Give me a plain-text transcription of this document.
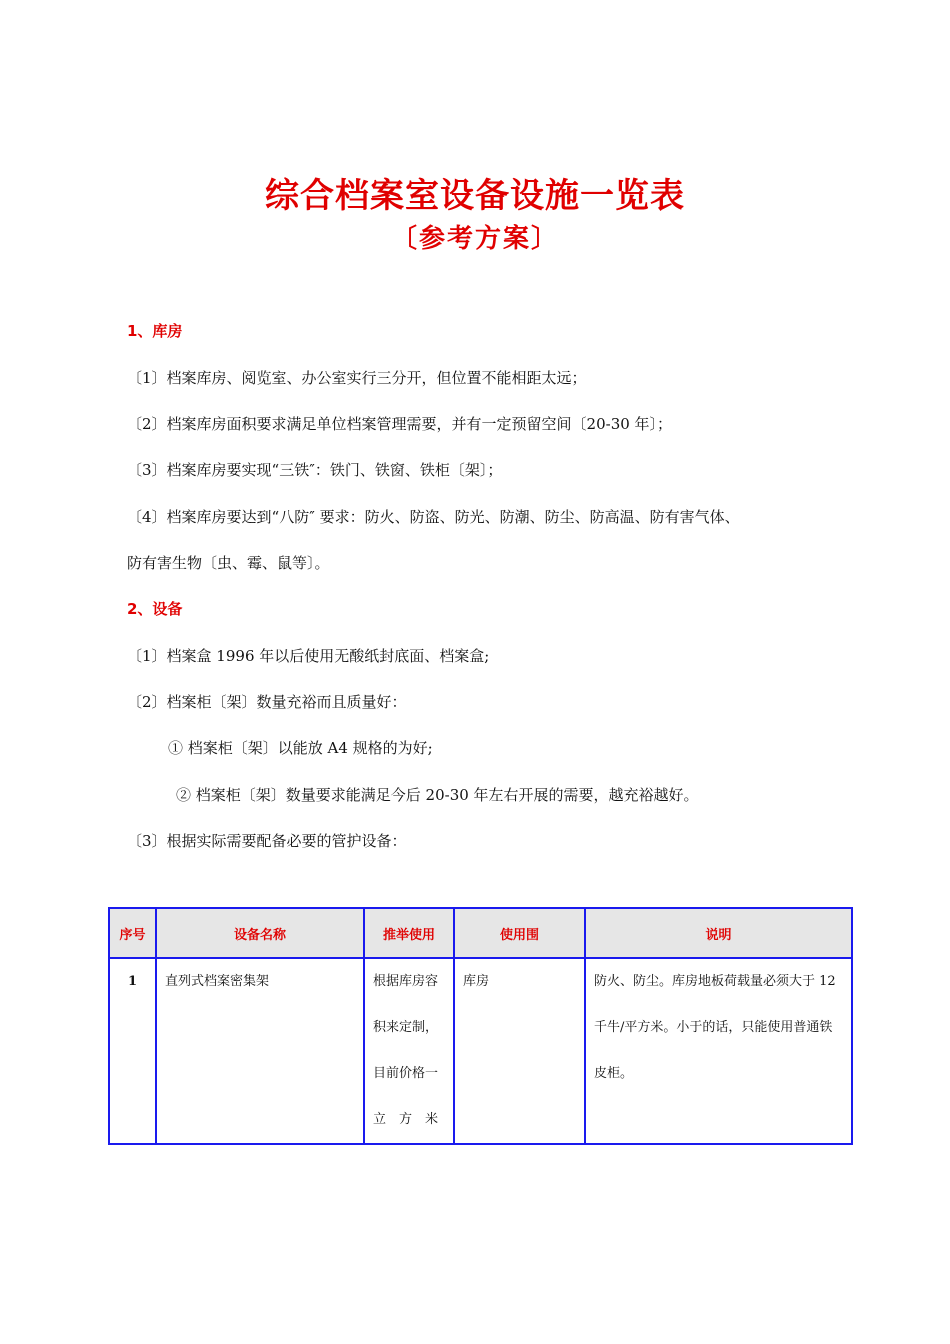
综合档案室设备设施一览表
〔参考方案〕
1、库房
〔1〕档案库房、阅览室、办公室实行三分开，但位置不能相距太远；
〔2〕档案库房面积要求满足单位档案管理需要，并有一定预留空间〔20-30 年〕；
〔3〕档案库房要实现“三铁″：铁门、铁窗、铁柜〔架〕；
〔4〕档案库房要达到“八防″ 要求：防火、防盗、防光、防潮、防尘、防高温、防有害气体、
防有害生物〔虫、霉、鼠等〕。
2、设备
〔1〕档案盒 1996 年以后使用无酸纸封底面、档案盒;
〔2〕档案柜〔架〕数量充裕而且质量好：
① 档案柜〔架〕以能放 A4 规格的为好;
② 档案柜〔架〕数量要求能满足今后 20-30 年左右开展的需要，越充裕越好。
〔3〕根据实际需要配备必要的管护设备：
序号	设备名称	推举使用	使用围	说明
1	直列式档案密集架	根据库房容积来定制，目前价格一立　方　米	库房	防火、防尘。库房地板荷载量必须大于 12 千牛/平方米。小于的话，只能使用普通铁皮柜。
